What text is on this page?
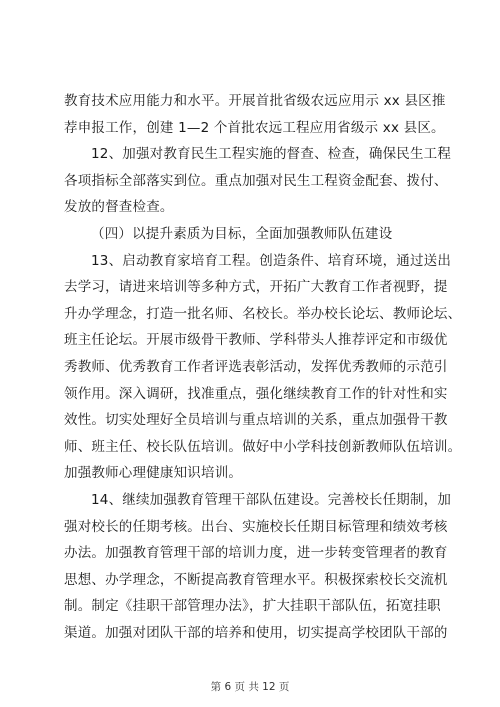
教育技术应用能力和水平。开展首批省级农远应用示 xx 县区推
荐申报工作，创建 1—2 个首批农远工程应用省级示 xx 县区。
12、加强对教育民生工程实施的督查、检查，确保民生工程
各项指标全部落实到位。重点加强对民生工程资金配套、拨付、
发放的督查检查。
（四）以提升素质为目标，全面加强教师队伍建设
13、启动教育家培育工程。创造条件、培育环境，通过送出
去学习，请进来培训等多种方式，开拓广大教育工作者视野，提
升办学理念，打造一批名师、名校长。举办校长论坛、教师论坛、
班主任论坛。开展市级骨干教师、学科带头人推荐评定和市级优
秀教师、优秀教育工作者评选表彰活动，发挥优秀教师的示范引
领作用。深入调研，找准重点，强化继续教育工作的针对性和实
效性。切实处理好全员培训与重点培训的关系，重点加强骨干教
师、班主任、校长队伍培训。做好中小学科技创新教师队伍培训。
加强教师心理健康知识培训。
14、继续加强教育管理干部队伍建设。完善校长任期制，加
强对校长的任期考核。出台、实施校长任期目标管理和绩效考核
办法。加强教育管理干部的培训力度，进一步转变管理者的教育
思想、办学理念，不断提高教育管理水平。积极探索校长交流机
制。制定《挂职干部管理办法》，扩大挂职干部队伍，拓宽挂职
渠道。加强对团队干部的培养和使用，切实提高学校团队干部的
第 6 页 共 12 页
